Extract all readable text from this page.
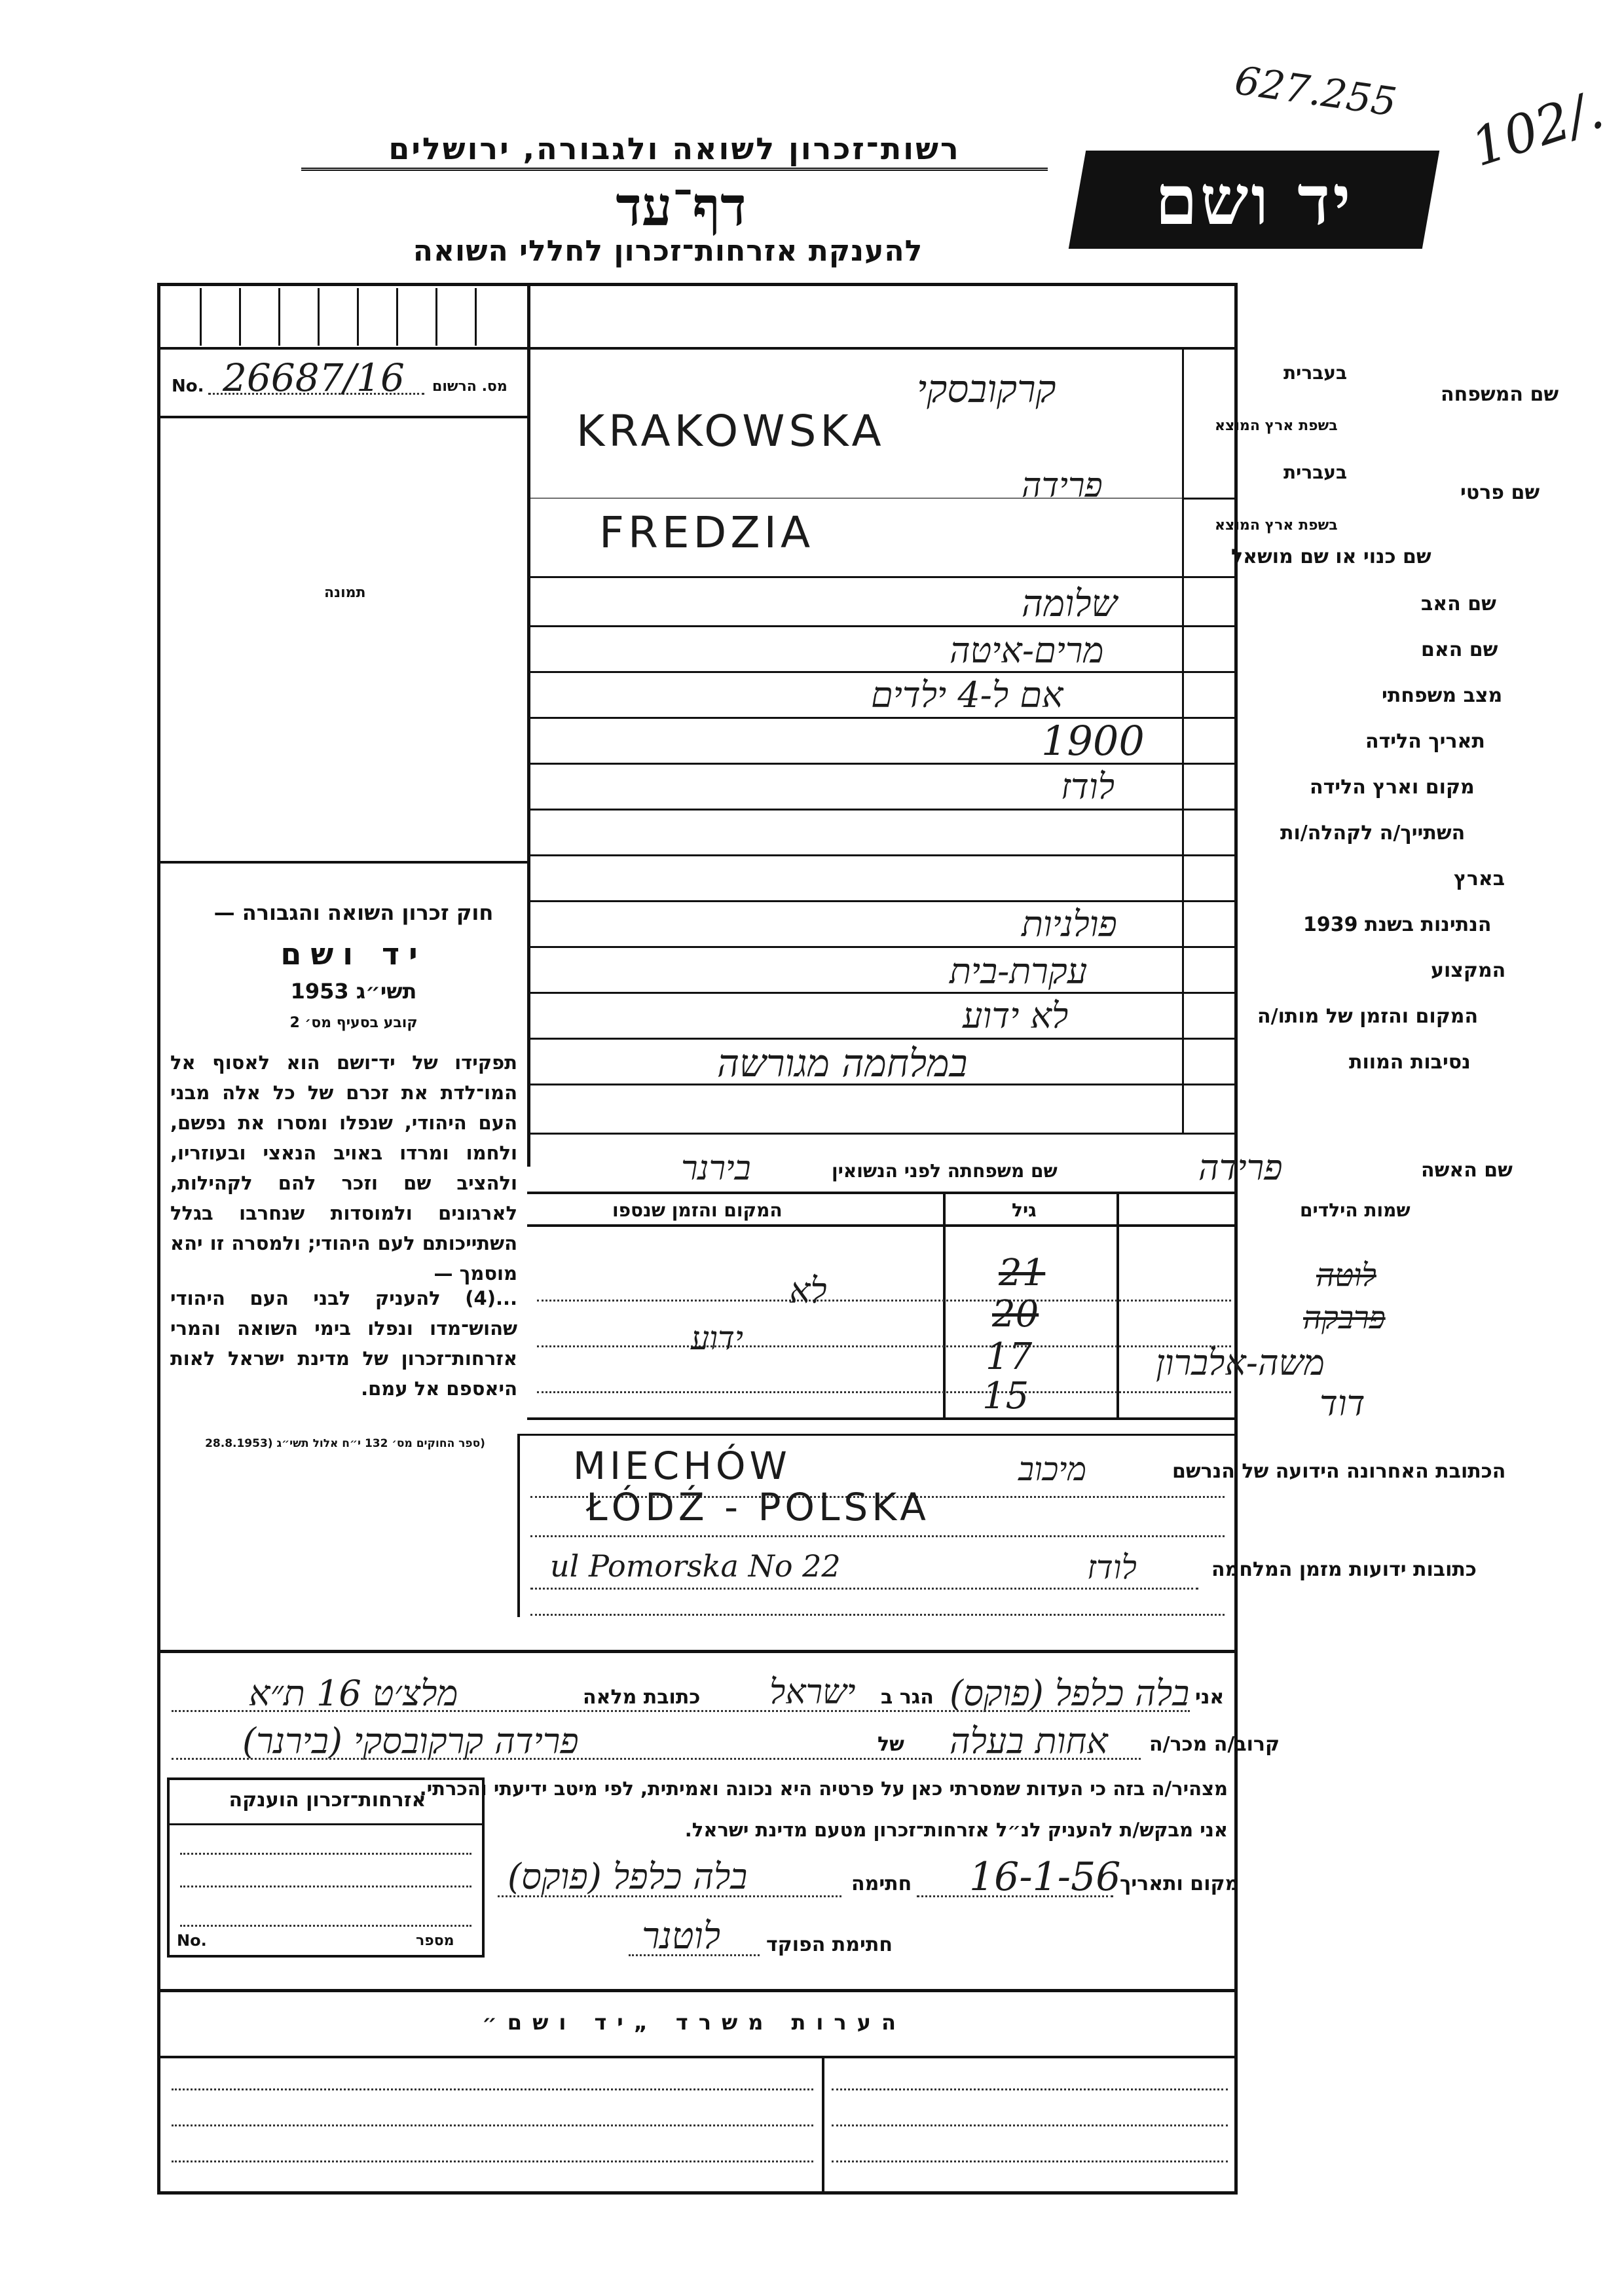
627.255 102/.
רשות־זכרון לשואה ולגבורה, ירושלים
דף־עד
להענקת אזרחות־זכרון לחללי השואה
יד ושם
No. 26687/16 מס. הרשום
תמונה
שם המשפחה
בעברית
בשפת ארץ המוצא
קרקובסקי
KRAKOWSKA
שם פרטי
בעברית
בשפת ארץ המוצא
פרידה
FREDZIA	שם כנוי או שם מושאל
שם האב
שלומה
שם האם
מרים-איטה
מצב משפחתי
אם ל-4 ילדים
תאריך הלידה
1900
מקום וארץ הלידה
לודז
השתייך/ה לקהלה/ות
בארץ
הנתינות בשנת 1939
פולניות
המקצוע
עקרת-בית
המקום והזמן של מותו/ה
לא ידוע
נסיבות המוות
במלחמה מגורשה
חוק זכרון השואה והגבורה —
יד ושם
תשי״ג 1953
קובע בסעיף מס׳ 2
תפקידו של יד־ושם הוא לאסוף אל המו־לדת את זכרם של כל אלה מבני העם היהודי, שנפלו ומסרו את נפשם, ולחמו ומרדו באויב הנאצי ובעוזריו, ולהציב שם וזכר להם לקהילות, לארגונים ולמוסדות שנחרבו בגלל השתייכותם לעם היהודי; ולמסרה זו יהא מוסמך —
...(4) להעניק לבני העם היהודי שהוש־מדו ונפלו בימי השואה והמרי אזרחות־זכרון של מדינת ישראל לאות היאספם אל עמם.
(ספר החוקים מס׳ 132 י״ח אלול תשי״ג (28.8.1953
שם האשה
פרידה
שם משפחתה לפני הנשואין
בירנר
שמות הילדים
גיל
המקום והזמן שנספו
לוטה
21
לא
פרבקה
20
ידוע
משה-אלברון
17
דוד
15
הכתובת האחרונה הידועה של הנרשם
מיכוב
MIECHÓW
ŁÓDŹ - POLSKA
כתובות ידועות מזמן המלחמה
לודז
ul Pomorska No 22
אני
בלה כלפל (פוקס)
הגר ב
ישראל
כתובת מלאה
מלצ׳ט 16 ת״א
קרוב/ה מכר/ה
אחות בעלה
של
פרידה קרקובסקי (בירנר)
מצהיר/ה בזה כי העדות שמסרתי כאן על פרטיה היא נכונה ואמיתית, לפי מיטב ידיעתי והכרתי.
אני מבקש/ת להעניק לנ״ל אזרחות־זכרון מטעם מדינת ישראל.
מקום ותאריך
16-1-56
חתימה
בלה כלפל (פוקס)
חתימת הפוקד
לוטנר
אזרחות־זכרון הוענקה
No.	מספר
הערות משרד „יד ושם״
